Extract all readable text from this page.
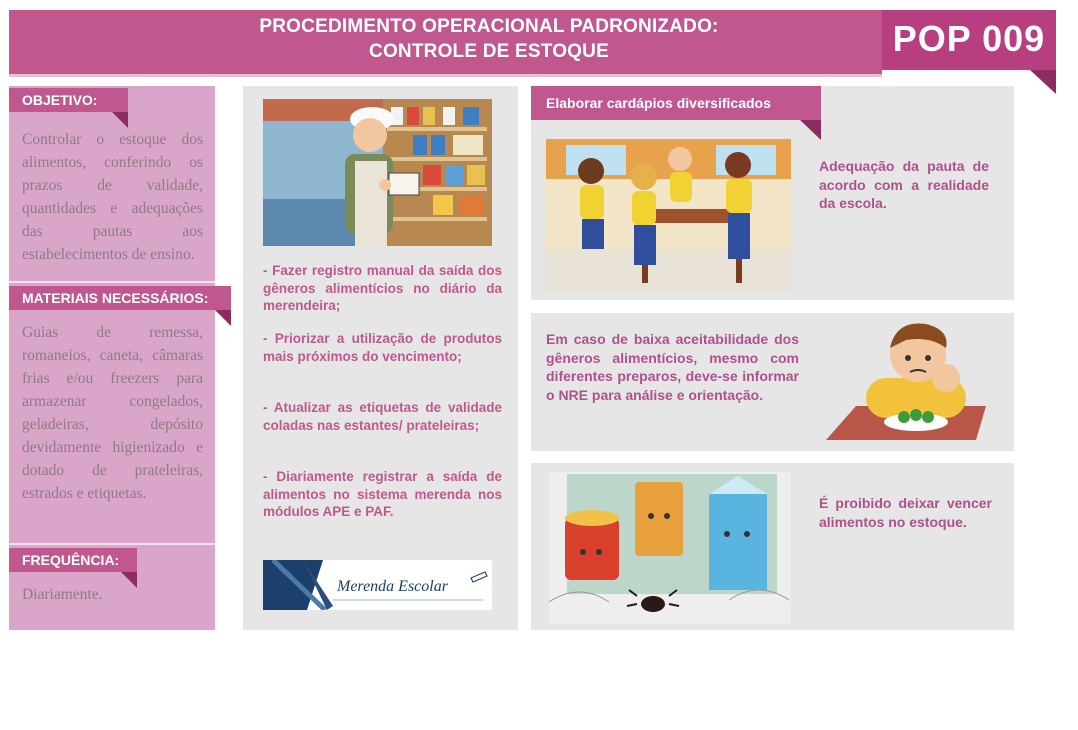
PROCEDIMENTO OPERACIONAL PADRONIZADO:
CONTROLE DE ESTOQUE	POP 009
OBJETIVO:
Controlar o estoque dos alimentos, conferindo os prazos de validade, quantidades e adequações das pautas aos estabelecimentos de ensino.
MATERIAIS NECESSÁRIOS:
Guias de remessa, romaneios, caneta, câmaras frias e/ou freezers para armazenar congelados, geladeiras, depósito devidamente higienizado e dotado de prateleiras, estrados e etiquetas.
FREQUÊNCIA:
Diariamente.
- Fazer registro manual da saída dos gêneros alimentícios no diário da merendeira;
- Priorizar a utilização de produtos mais próximos do vencimento;
- Atualizar as etiquetas de validade coladas nas estantes/ prateleiras;
- Diariamente registrar a saída de alimentos no sistema merenda nos módulos APE e PAF.
Merenda Escolar
Elaborar cardápios diversificados
Adequação da pauta de acordo com a realidade da escola.
Em caso de baixa aceitabilidade dos gêneros alimentícios, mesmo com diferentes preparos, deve-se informar o NRE para análise e orientação.
É proibido deixar vencer alimentos no estoque.
